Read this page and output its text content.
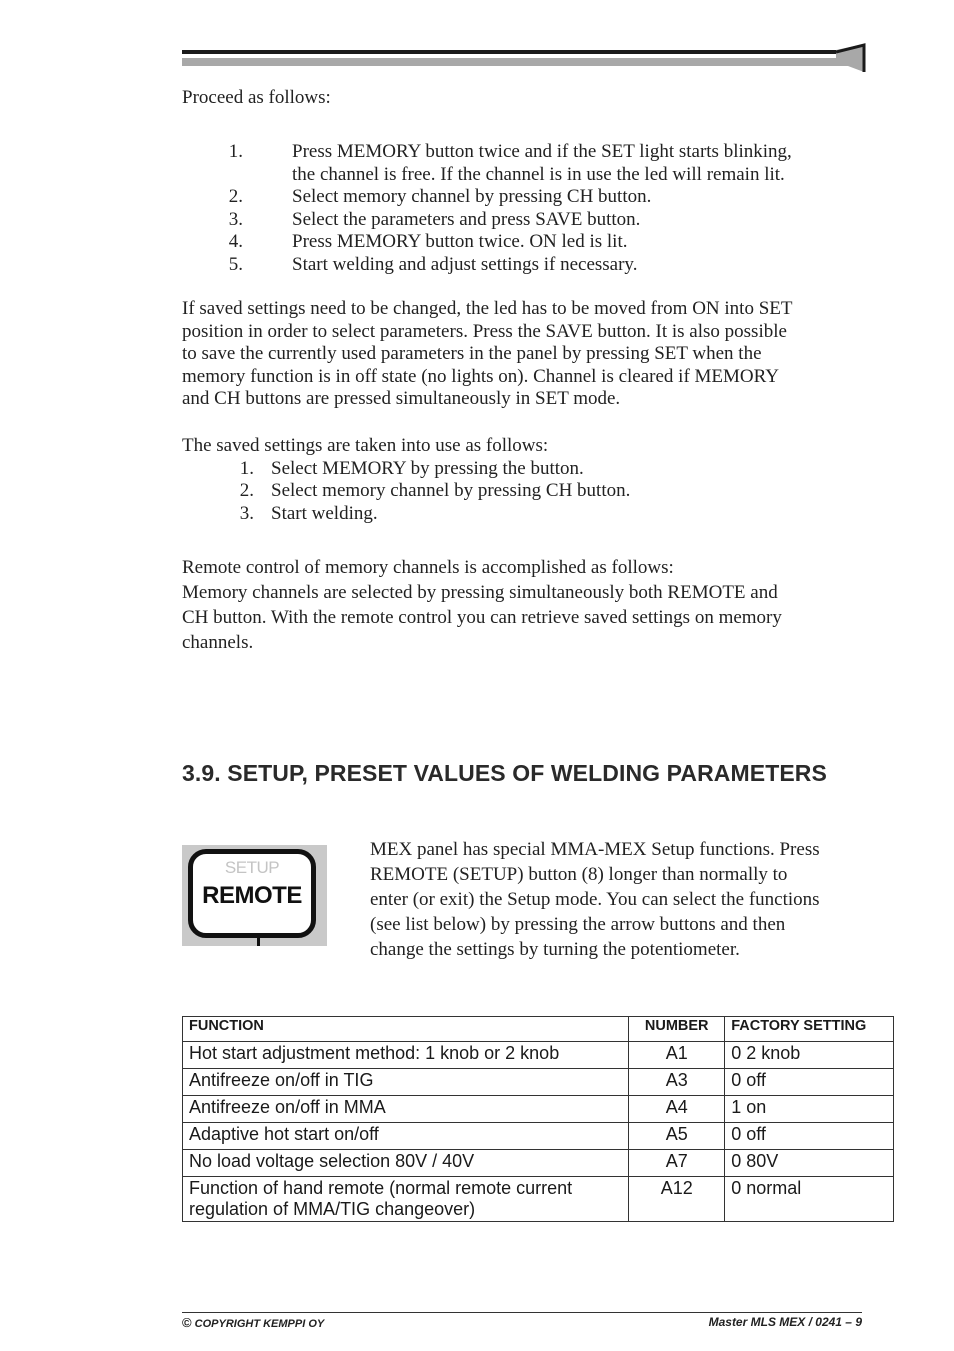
Proceed as follows:
1.	Press MEMORY button twice and if the SET light starts blinking,
the channel is free. If the channel is in use the led will remain lit.
2.	Select memory channel by pressing CH button.
3.	Select the parameters and press SAVE button.
4.	Press MEMORY button twice. ON led is lit.
5.	Start welding and adjust settings if necessary.
If saved settings need to be changed, the led has to be moved from ON into SET
position in order to select parameters. Press the SAVE button. It is also possible
to save the currently used parameters in the panel by pressing SET when the
memory function is in off state (no lights on). Channel is cleared if MEMORY
and CH buttons are pressed simultaneously in SET mode.
The saved settings are taken into use as follows:
1. Select MEMORY by pressing the button.
2. Select memory channel by pressing CH button.
3. Start welding.
Remote control of memory channels is accomplished as follows:
Memory channels are selected by pressing simultaneously both REMOTE and
CH button. With the remote control you can retrieve saved settings on memory
channels.
3.9. SETUP, PRESET VALUES OF WELDING PARAMETERS
SETUP
REMOTE
MEX panel has special MMA-MEX Setup functions. Press
REMOTE (SETUP) button (8) longer than normally to
enter (or exit) the Setup mode. You can select the functions
(see list below) by pressing the arrow buttons and then
change the settings by turning the potentiometer.
FUNCTION	NUMBER	FACTORY SETTING
Hot start adjustment method: 1 knob or 2 knob	A1	0 2 knob
Antifreeze on/off in TIG	A3	0 off
Antifreeze on/off in MMA	A4	1 on
Adaptive hot start on/off	A5	0 off
No load voltage selection 80V / 40V	A7	0 80V
Function of hand remote (normal remote current regulation of MMA/TIG changeover)	A12	0 normal
© COPYRIGHT KEMPPI OY	Master MLS MEX / 0241 – 9
